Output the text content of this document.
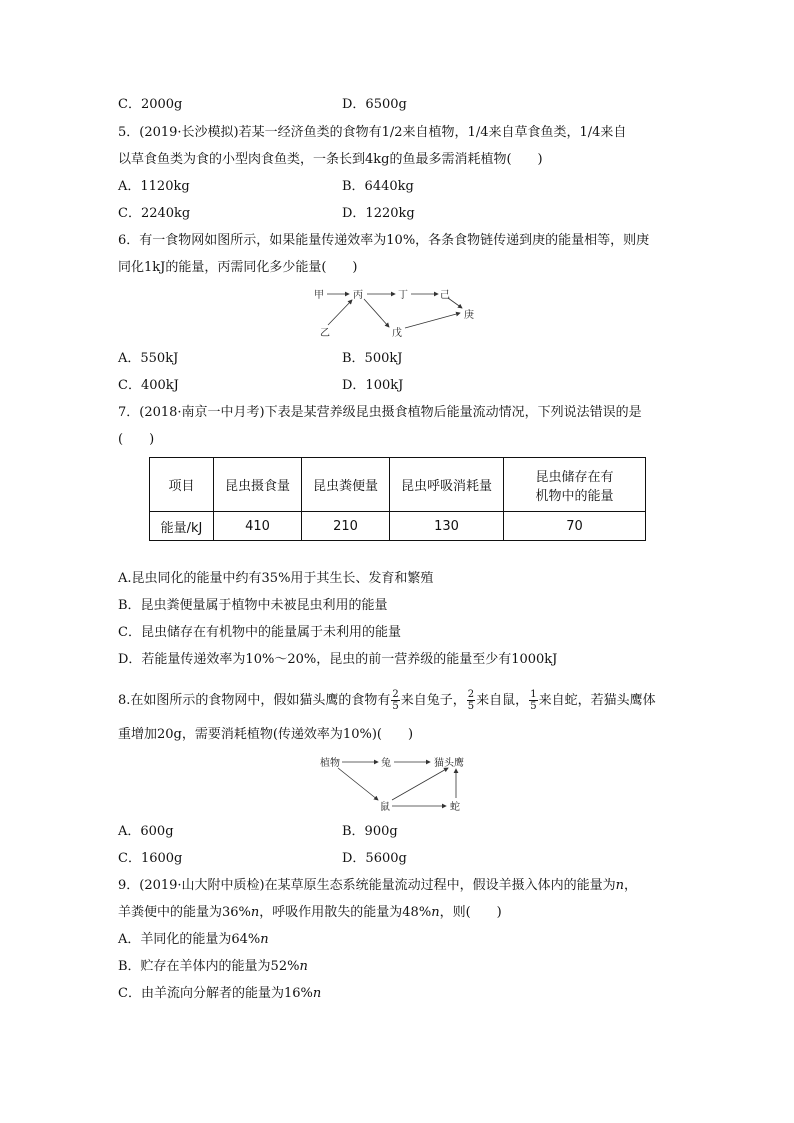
C．2000g	D．6500g
5．(2019·长沙模拟)若某一经济鱼类的食物有1/2来自植物，1/4来自草食鱼类，1/4来自
以草食鱼类为食的小型肉食鱼类，一条长到4kg的鱼最多需消耗植物(　　)
A．1120kg	B．6440kg
C．2240kg	D．1220kg
6．有一食物网如图所示，如果能量传递效率为10%，各条食物链传递到庚的能量相等，则庚
同化1kJ的能量，丙需同化多少能量(　　)
甲	丙	丁	己
乙	戊
庚
A．550kJ	B．500kJ
C．400kJ	D．100kJ
7．(2018·南京一中月考)下表是某营养级昆虫摄食植物后能量流动情况，下列说法错误的是
(　　)
项目	昆虫摄食量	昆虫粪便量	昆虫呼吸消耗量	昆虫储存在有
机物中的能量

能量/kJ	410	210	130	70
A.昆虫同化的能量中约有35%用于其生长、发育和繁殖
B．昆虫粪便量属于植物中未被昆虫利用的能量
C．昆虫储存在有机物中的能量属于未利用的能量
D．若能量传递效率为10%～20%，昆虫的前一营养级的能量至少有1000kJ
8.在如图所示的食物网中，假如猫头鹰的食物有 $\frac{2}{5}$ 来自兔子， $\frac{2}{5}$ 来自鼠， $\frac{1}{5}$ 来自蛇，若猫头鹰体
重增加20g，需要消耗植物(传递效率为10%)(　　)
植物	兔	猫头鹰
鼠	蛇
A．600g	B．900g
C．1600g	D．5600g
9．(2019·山大附中质检)在某草原生态系统能量流动过程中，假设羊摄入体内的能量为n，
羊粪便中的能量为36%n，呼吸作用散失的能量为48%n，则(　　)
A．羊同化的能量为64%n
B．贮存在羊体内的能量为52%n
C．由羊流向分解者的能量为16%n
